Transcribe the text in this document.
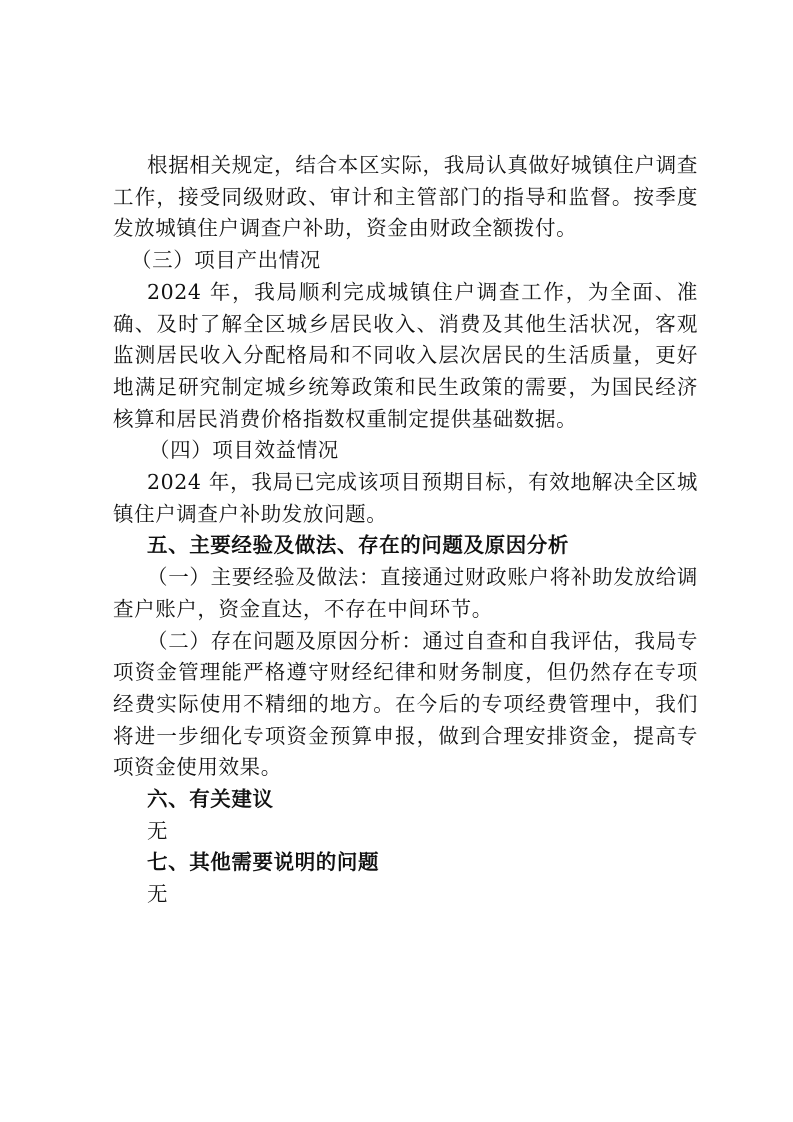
根据相关规定，结合本区实际，我局认真做好城镇住户调查工作，接受同级财政、审计和主管部门的指导和监督。按季度发放城镇住户调查户补助，资金由财政全额拨付。

（三）项目产出情况

2024 年，我局顺利完成城镇住户调查工作，为全面、准确、及时了解全区城乡居民收入、消费及其他生活状况，客观监测居民收入分配格局和不同收入层次居民的生活质量，更好地满足研究制定城乡统筹政策和民生政策的需要，为国民经济核算和居民消费价格指数权重制定提供基础数据。

（四）项目效益情况

2024 年，我局已完成该项目预期目标，有效地解决全区城镇住户调查户补助发放问题。

五、主要经验及做法、存在的问题及原因分析

（一）主要经验及做法：直接通过财政账户将补助发放给调查户账户，资金直达，不存在中间环节。

（二）存在问题及原因分析：通过自查和自我评估，我局专项资金管理能严格遵守财经纪律和财务制度，但仍然存在专项经费实际使用不精细的地方。在今后的专项经费管理中，我们将进一步细化专项资金预算申报，做到合理安排资金，提高专项资金使用效果。

六、有关建议

无

七、其他需要说明的问题

无
